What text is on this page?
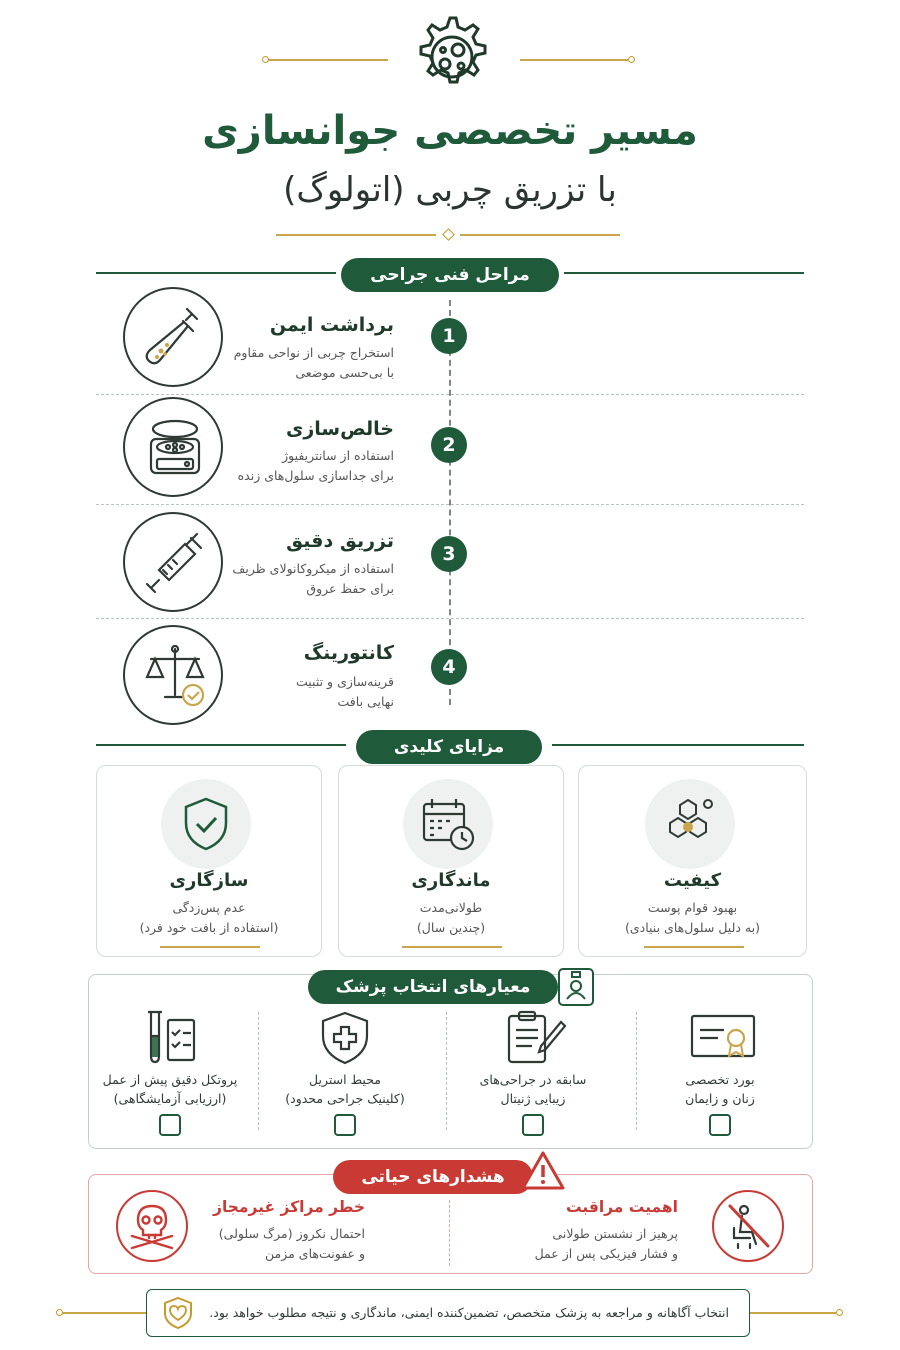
مسیر تخصصی جوانسازی
با تزریق چربی (اتولوگ)
مراحل فنی جراحی
برداشت ایمن
استخراج چربی از نواحی مقاوم
با بی‌حسی موضعی
1
خالص‌سازی
استفاده از سانتریفیوژ
برای جداسازی سلول‌های زنده
2
تزریق دقیق
استفاده از میکروکانولای ظریف
برای حفظ عروق
3
کانتورینگ
قرینه‌سازی و تثبیت
نهایی بافت
4
مزایای کلیدی
سازگاری
عدم پس‌زدگی
(استفاده از بافت خود فرد)
ماندگاری
طولانی‌مدت
(چندین سال)
کیفیت
بهبود قوام پوست
(به دلیل سلول‌های بنیادی)
معیارهای انتخاب پزشک
پروتکل دقیق پیش از عمل
(ارزیابی آزمایشگاهی)
محیط استریل
(کلینیک جراحی محدود)
سابقه در جراحی‌های
زیبایی ژنیتال
بورد تخصصی
زنان و زایمان
هشدارهای حیاتی
خطر مراکز غیرمجاز
احتمال نکروز (مرگ سلولی)
و عفونت‌های مزمن
اهمیت مراقبت
پرهیز از نشستن طولانی
و فشار فیزیکی پس از عمل
انتخاب آگاهانه و مراجعه به پزشک متخصص، تضمین‌کننده ایمنی، ماندگاری و نتیجه مطلوب خواهد بود.
